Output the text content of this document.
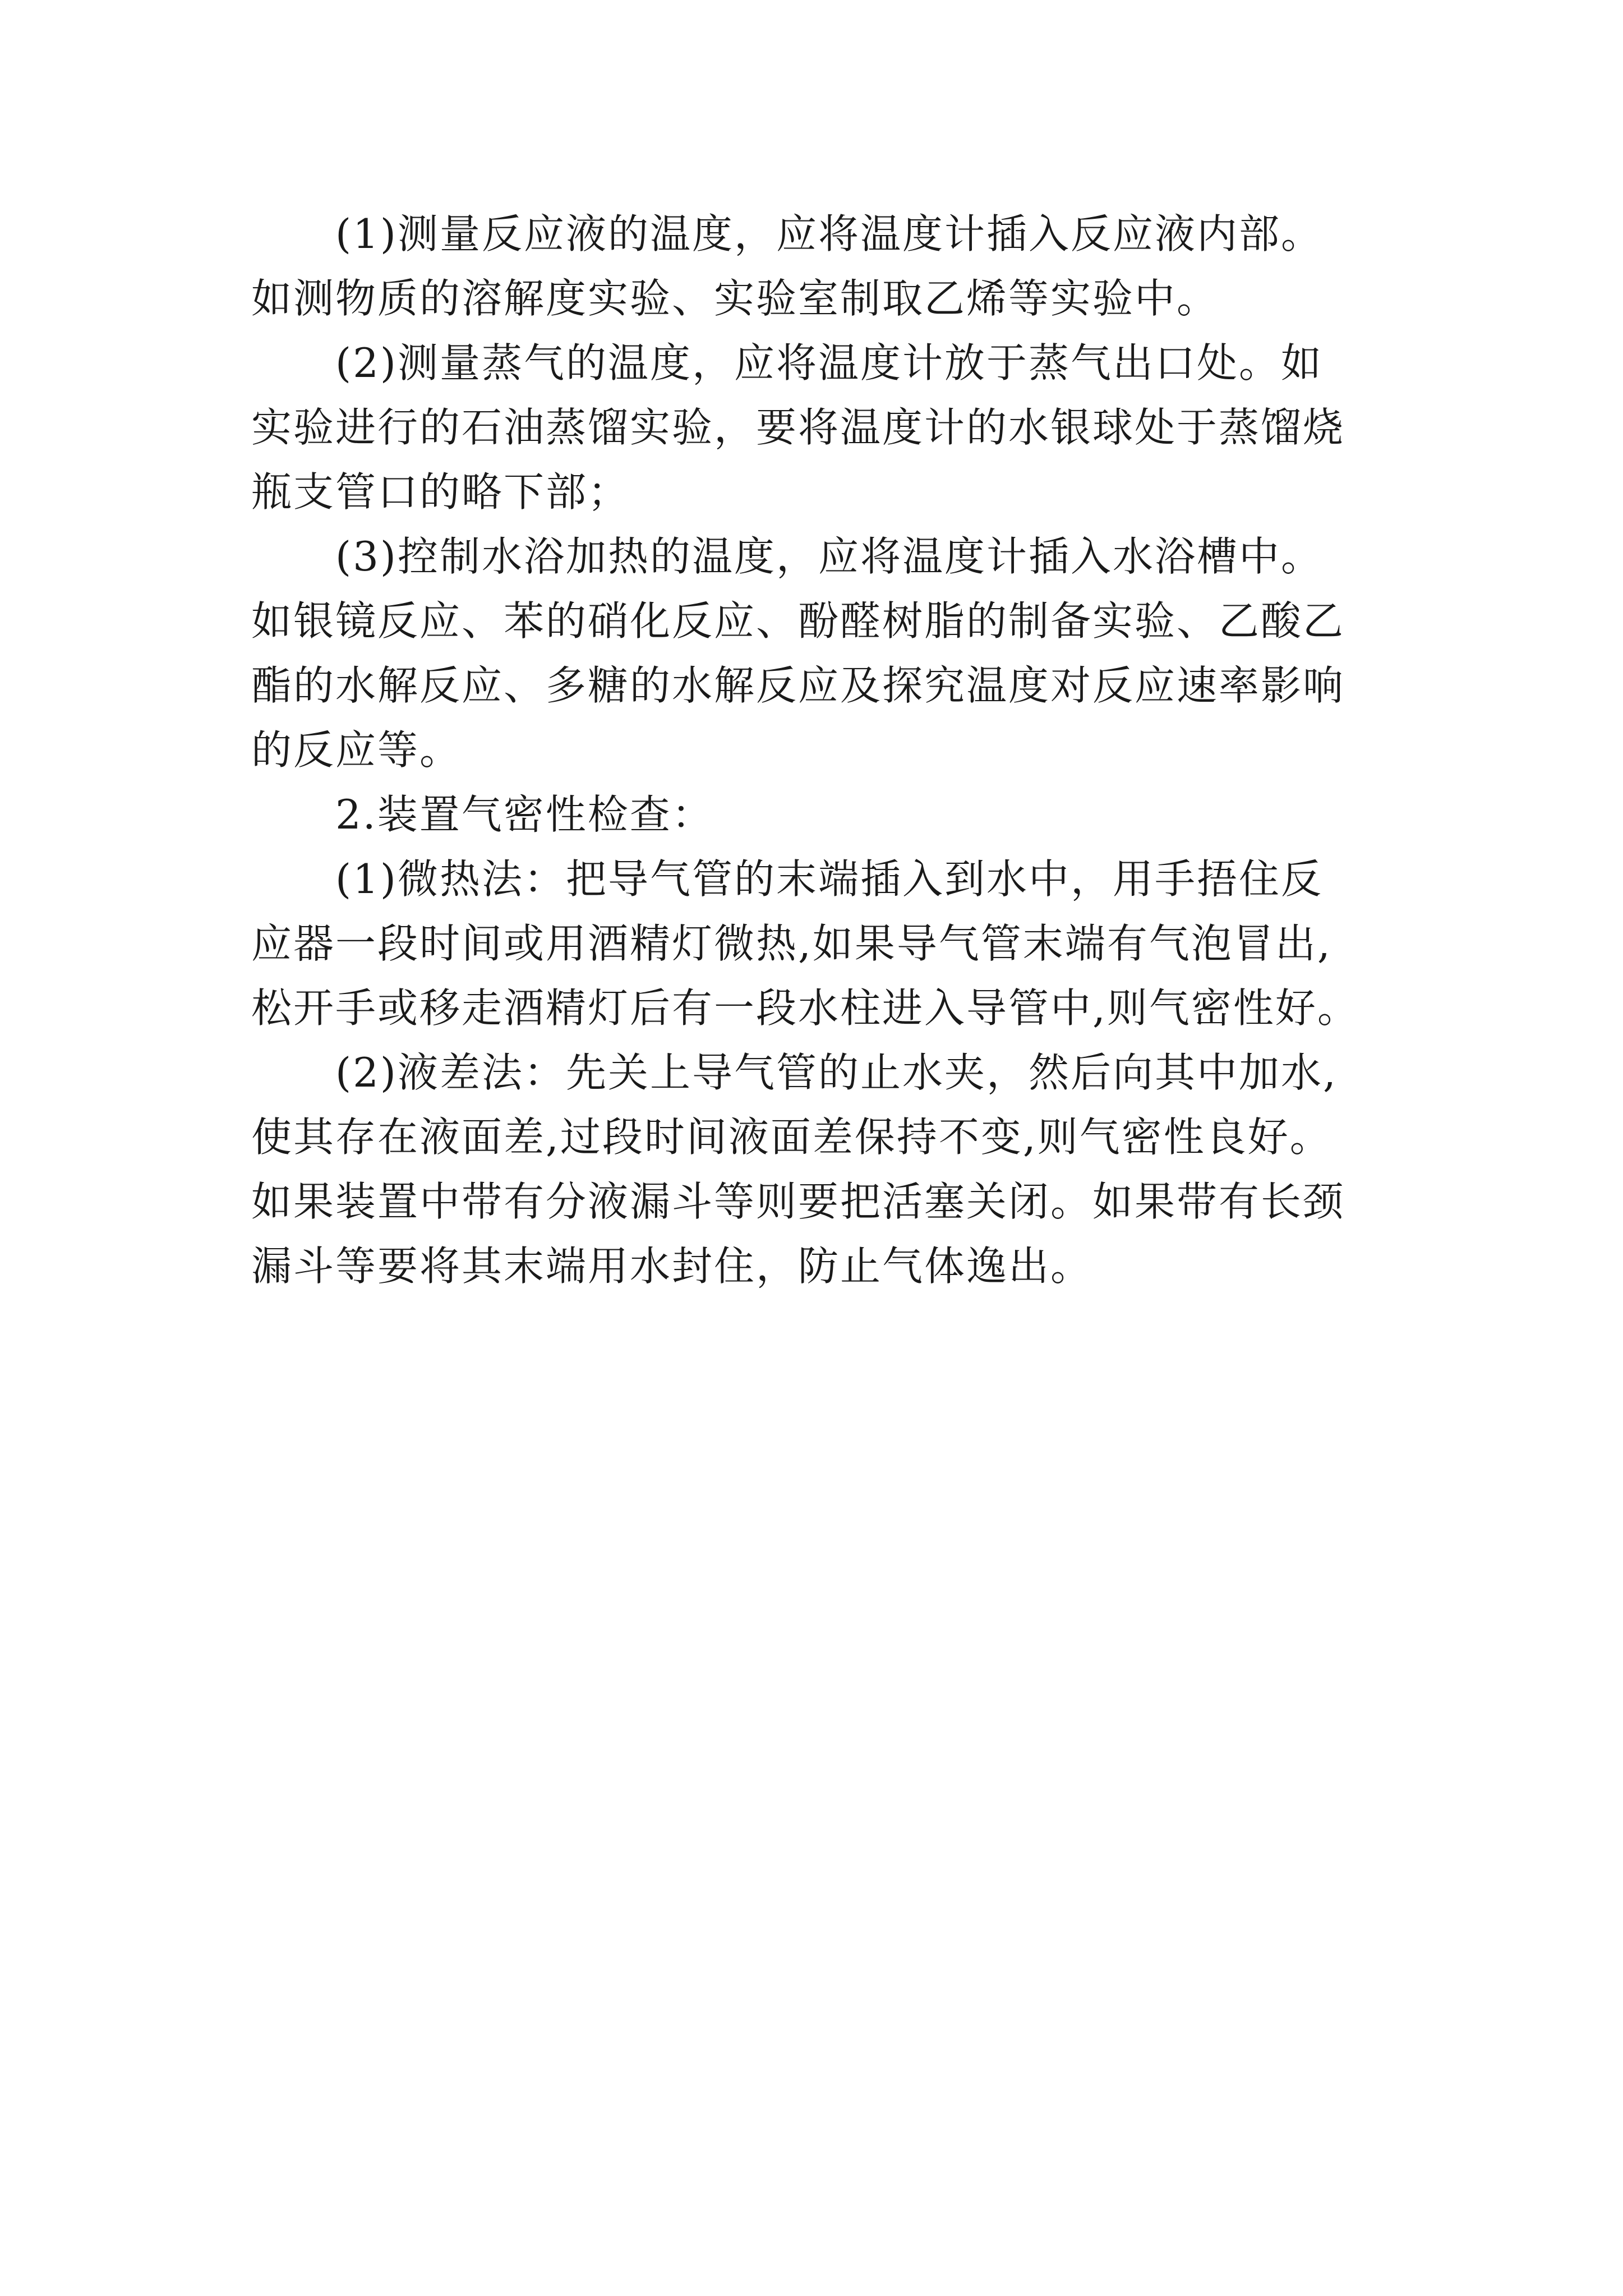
(1)测量反应液的温度，应将温度计插入反应液内部。
如测物质的溶解度实验、实验室制取乙烯等实验中。

(2)测量蒸气的温度，应将温度计放于蒸气出口处。如
实验进行的石油蒸馏实验，要将温度计的水银球处于蒸馏烧
瓶支管口的略下部；

(3)控制水浴加热的温度，应将温度计插入水浴槽中。
如银镜反应、苯的硝化反应、酚醛树脂的制备实验、乙酸乙
酯的水解反应、多糖的水解反应及探究温度对反应速率影响
的反应等。

2.装置气密性检查：

(1)微热法：把导气管的末端插入到水中，用手捂住反
应器一段时间或用酒精灯微热,如果导气管末端有气泡冒出,
松开手或移走酒精灯后有一段水柱进入导管中,则气密性好。

(2)液差法：先关上导气管的止水夹，然后向其中加水,
使其存在液面差,过段时间液面差保持不变,则气密性良好。
如果装置中带有分液漏斗等则要把活塞关闭。如果带有长颈
漏斗等要将其末端用水封住，防止气体逸出。
